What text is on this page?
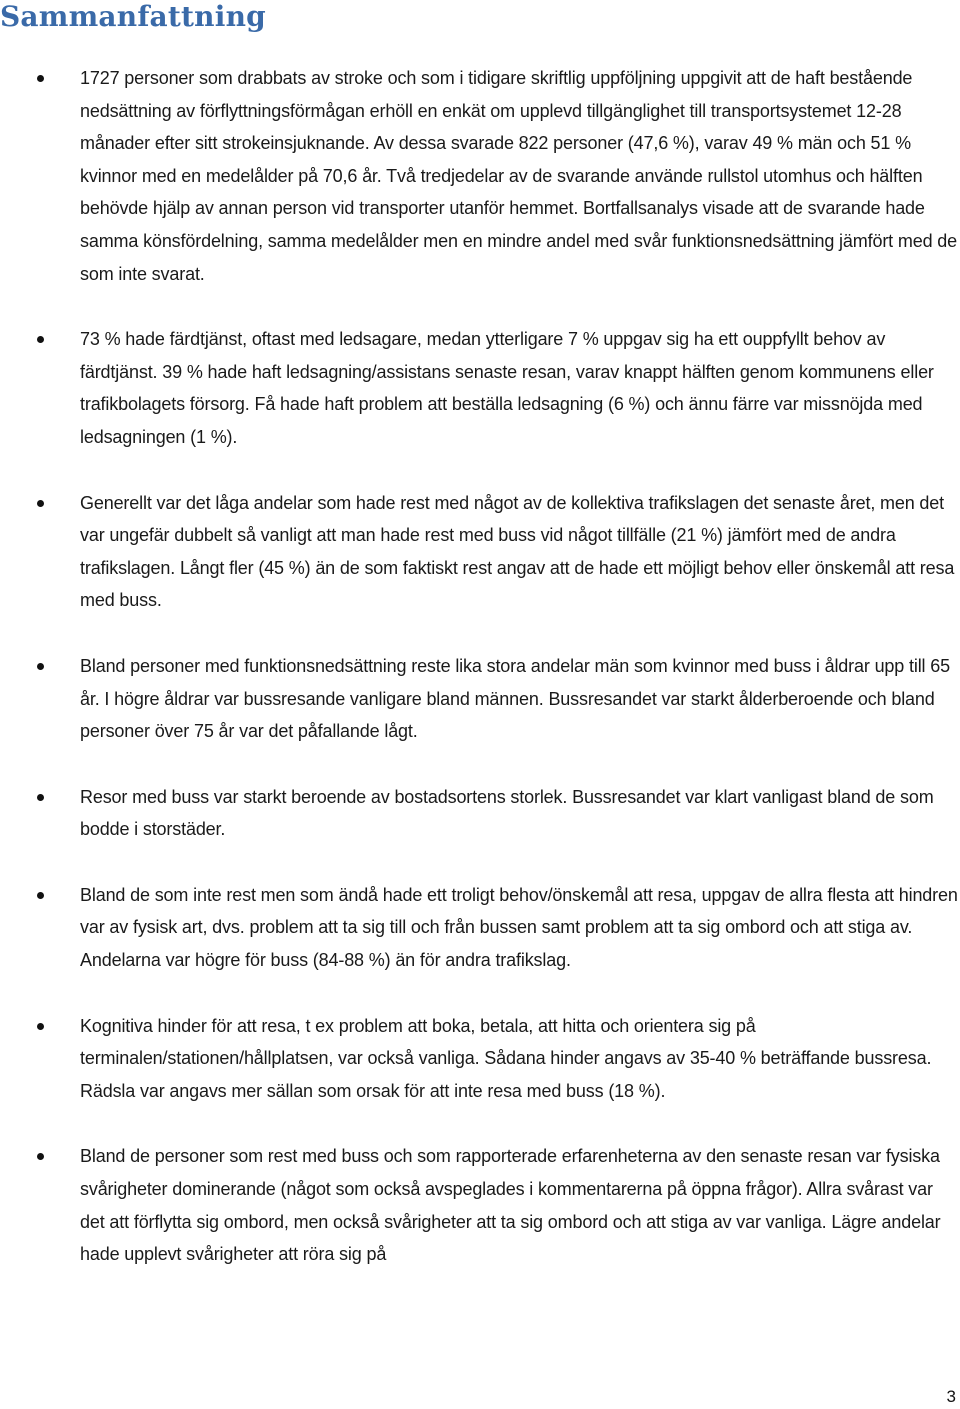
Sammanfattning
1727 personer som drabbats av stroke och som i tidigare skriftlig uppföljning uppgivit att de haft bestående nedsättning av förflyttningsförmågan erhöll en enkät om upplevd tillgänglighet till transportsystemet 12-28 månader efter sitt strokeinsjuknande. Av dessa svarade 822 personer (47,6 %), varav 49 % män och 51 % kvinnor med en medelålder på 70,6 år. Två tredjedelar av de svarande använde rullstol utomhus och hälften behövde hjälp av annan person vid transporter utanför hemmet. Bortfallsanalys visade att de svarande hade samma könsfördelning, samma medelålder men en mindre andel med svår funktionsnedsättning jämfört med de som inte svarat.
73 % hade färdtjänst, oftast med ledsagare, medan ytterligare 7 % uppgav sig ha ett ouppfyllt behov av färdtjänst. 39 % hade haft ledsagning/assistans senaste resan, varav knappt hälften genom kommunens eller trafikbolagets försorg. Få hade haft problem att beställa ledsagning (6 %) och ännu färre var missnöjda med ledsagningen (1 %).
Generellt var det låga andelar som hade rest med något av de kollektiva trafikslagen det senaste året, men det var ungefär dubbelt så vanligt att man hade rest med buss vid något tillfälle (21 %) jämfört med de andra trafikslagen. Långt fler (45 %) än de som faktiskt rest angav att de hade ett möjligt behov eller önskemål att resa med buss.
Bland personer med funktionsnedsättning reste lika stora andelar män som kvinnor med buss i åldrar upp till 65 år. I högre åldrar var bussresande vanligare bland männen. Bussresandet var starkt ålderberoende och bland personer över 75 år var det påfallande lågt.
Resor med buss var starkt beroende av bostadsortens storlek. Bussresandet var klart vanligast bland de som bodde i storstäder.
Bland de som inte rest men som ändå hade ett troligt behov/önskemål att resa, uppgav de allra flesta att hindren var av fysisk art, dvs. problem att ta sig till och från bussen samt problem att ta sig ombord och att stiga av. Andelarna var högre för buss (84-88 %) än för andra trafikslag.
Kognitiva hinder för att resa, t ex problem att boka, betala, att hitta och orientera sig på terminalen/stationen/hållplatsen, var också vanliga. Sådana hinder angavs av 35-40 % beträffande bussresa. Rädsla var angavs mer sällan som orsak för att inte resa med buss (18 %).
Bland de personer som rest med buss och som rapporterade erfarenheterna av den senaste resan var fysiska svårigheter dominerande (något som också avspeglades i kommentarerna på öppna frågor). Allra svårast var det att förflytta sig ombord, men också svårigheter att ta sig ombord och att stiga av var vanliga. Lägre andelar hade upplevt svårigheter att röra sig på
3
